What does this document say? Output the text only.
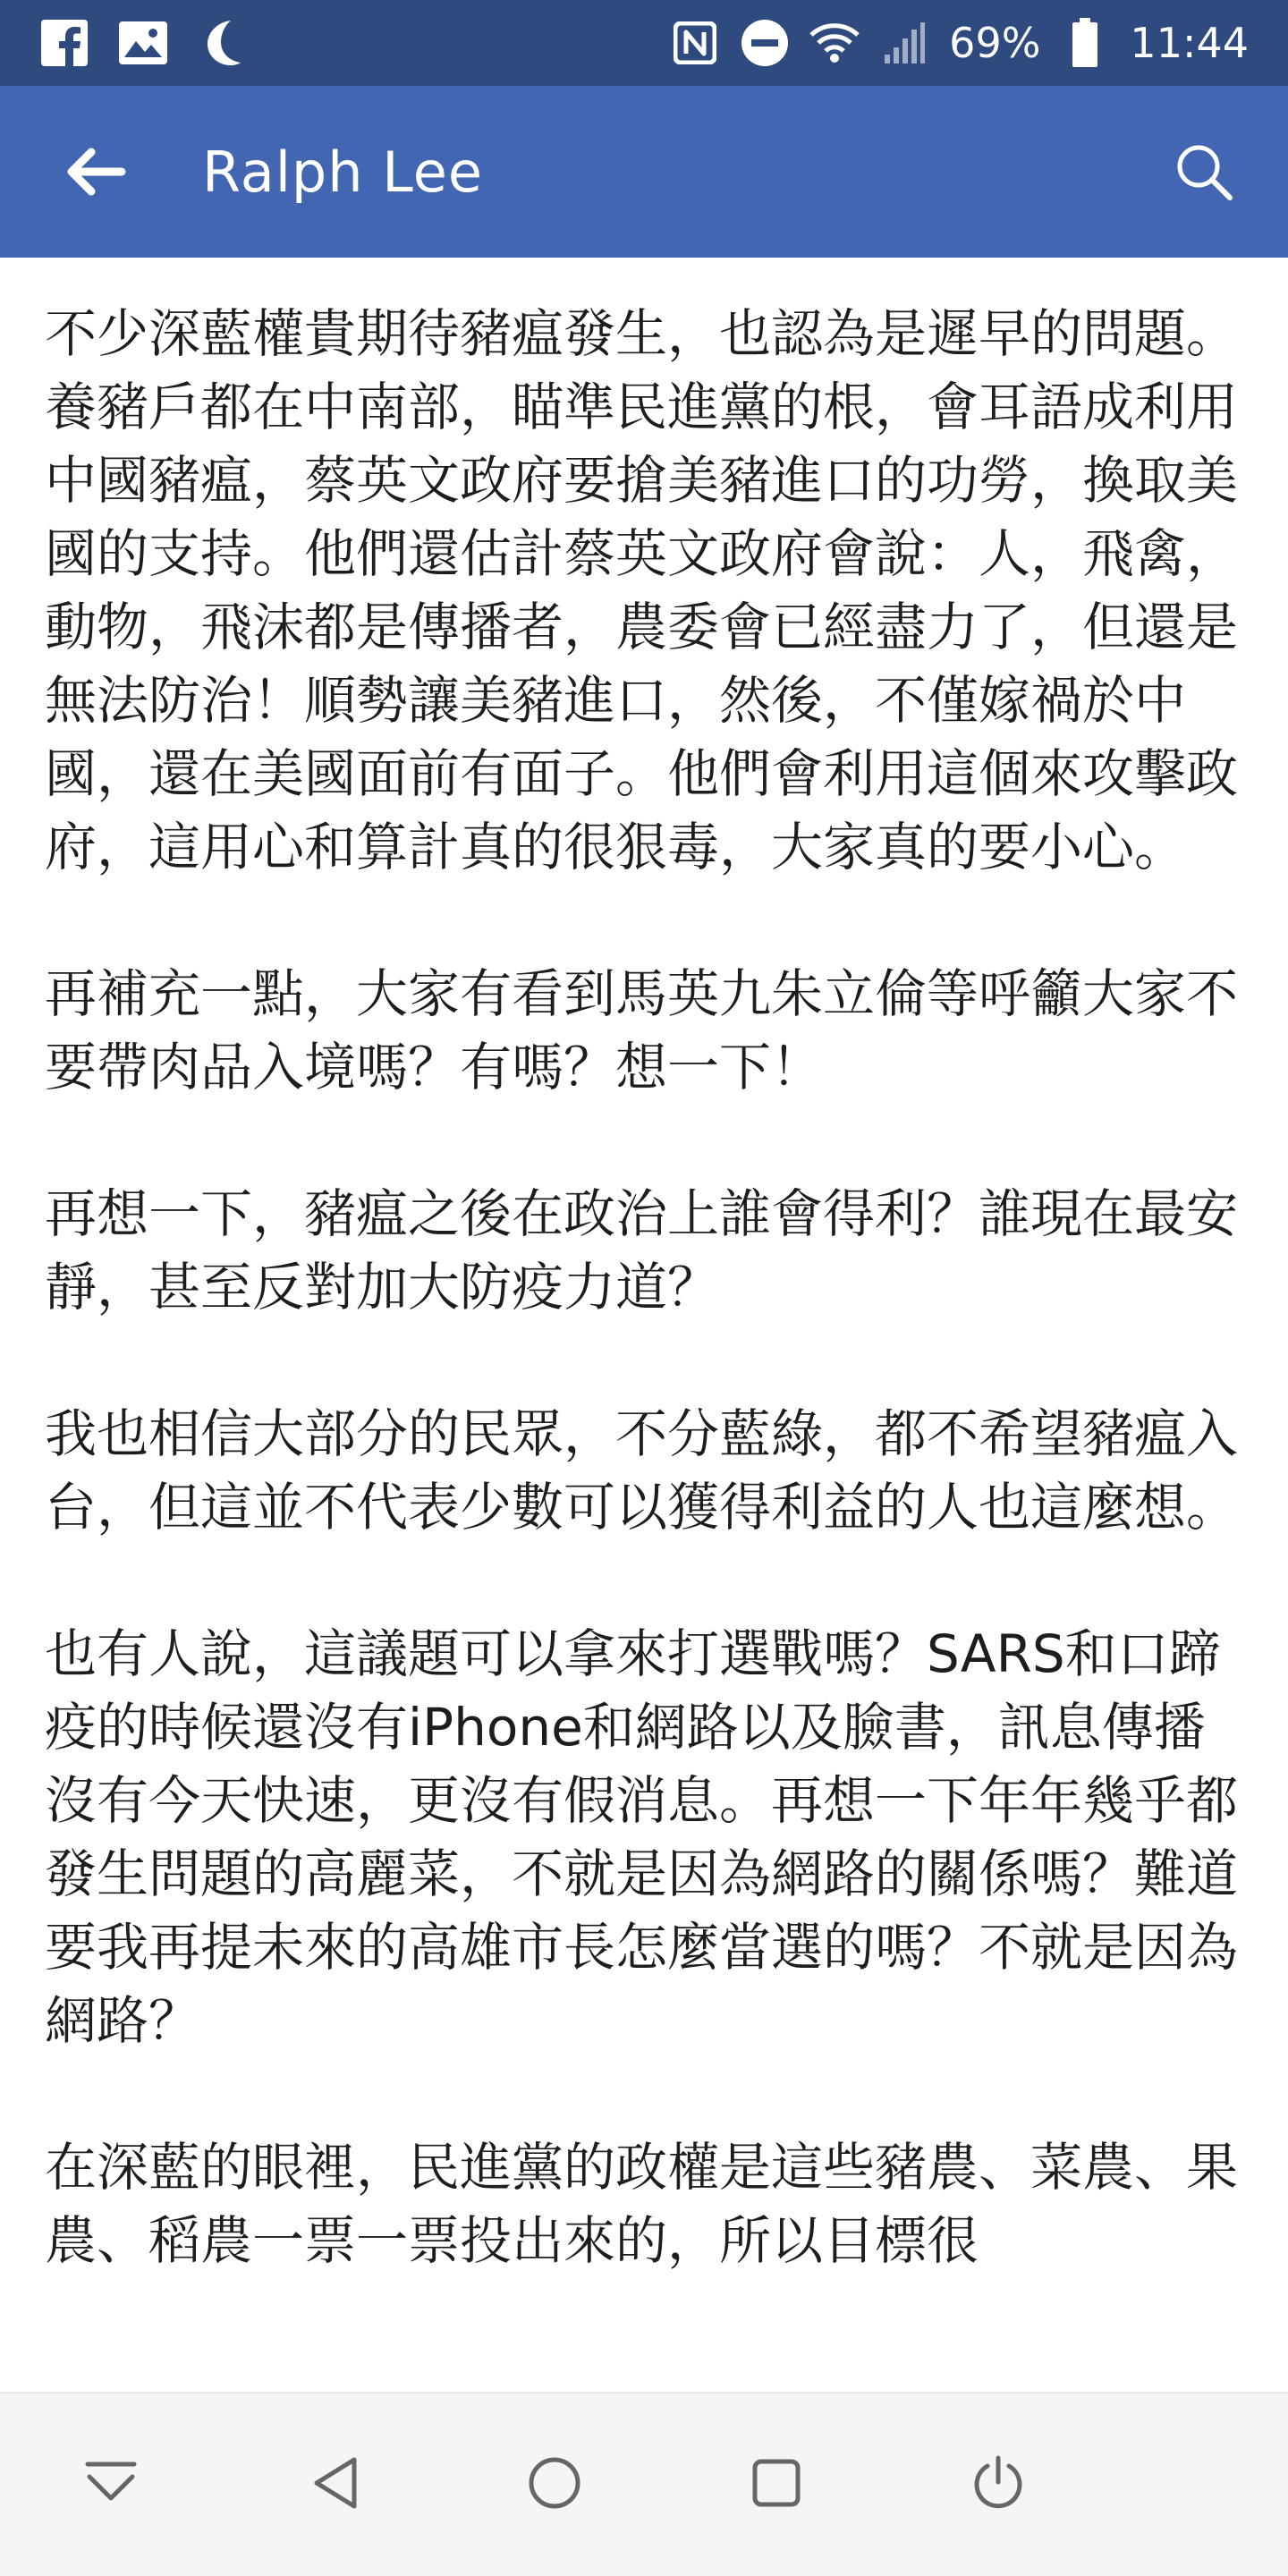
69% 11:44
Ralph Lee

不少深藍權貴期待豬瘟發生，也認為是遲早的問題。養豬戶都在中南部，瞄準民進黨的根，會耳語成利用中國豬瘟，蔡英文政府要搶美豬進口的功勞，換取美國的支持。他們還估計蔡英文政府會說：人，飛禽，動物，飛沫都是傳播者，農委會已經盡力了，但還是無法防治！順勢讓美豬進口，然後，不僅嫁禍於中國，還在美國面前有面子。他們會利用這個來攻擊政府，這用心和算計真的很狠毒，大家真的要小心。

再補充一點，大家有看到馬英九朱立倫等呼籲大家不要帶肉品入境嗎？有嗎？想一下！

再想一下，豬瘟之後在政治上誰會得利？誰現在最安靜，甚至反對加大防疫力道？

我也相信大部分的民眾，不分藍綠，都不希望豬瘟入台，但這並不代表少數可以獲得利益的人也這麼想。

也有人說，這議題可以拿來打選戰嗎？SARS和口蹄疫的時候還沒有iPhone和網路以及臉書，訊息傳播沒有今天快速，更沒有假消息。再想一下年年幾乎都發生問題的高麗菜，不就是因為網路的關係嗎？難道要我再提未來的高雄市長怎麼當選的嗎？不就是因為網路？

在深藍的眼裡，民進黨的政權是這些豬農、菜農、果農、稻農一票一票投出來的，所以目標很
